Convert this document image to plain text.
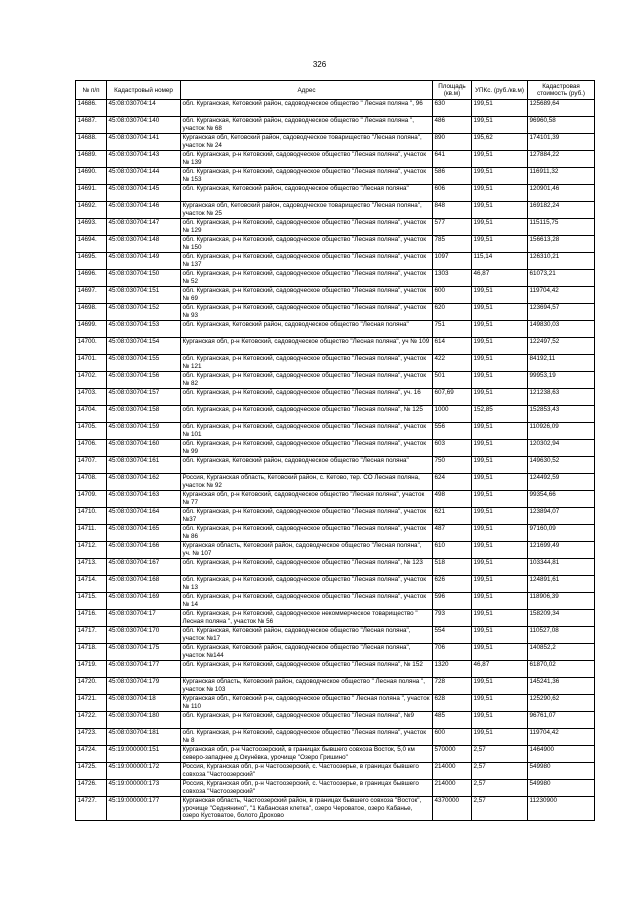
326
№ п/п	Кадастровый номер	Адрес	Площадь (кв.м)	УПКс. (руб./кв.м)	Кадастровая стоимость (руб.)
14686.	45:08:030704:14	обл. Курганская, Кетовский район, садоводческое общество " Лесная поляна ", 96	630	199,51	125689,64
14687.	45:08:030704:140	обл. Курганская, Кетовский район, садоводческое общество " Лесная поляна ", участок № 68	486	199,51	96960,58
14688.	45:08:030704:141	Курганская обл, Кетовский район, садоводческое товарищество "Лесная поляна", участок № 24	890	195,62	174101,39
14689.	45:08:030704:143	обл. Курганская, р-н Кетовский, садоводческое общество "Лесная поляна", участок № 139	641	199,51	127884,22
14690.	45:08:030704:144	обл. Курганская, р-н Кетовский, садоводческое общество "Лесная поляна", участок № 153	586	199,51	116911,32
14691.	45:08:030704:145	обл. Курганская, Кетовский район, садоводческое общество "Лесная поляна"	606	199,51	120901,46
14692.	45:08:030704:146	Курганская обл, Кетовский район, садоводческое товарищество "Лесная поляна", участок № 25	848	199,51	169182,24
14693.	45:08:030704:147	обл. Курганская, р-н Кетовский, садоводческое общество "Лесная поляна", участок № 129	577	199,51	115115,75
14694.	45:08:030704:148	обл. Курганская, р-н Кетовский, садоводческое общество "Лесная поляна", участок № 150	785	199,51	156613,28
14695.	45:08:030704:149	обл. Курганская, р-н Кетовский, садоводческое общество "Лесная поляна", участок № 137	1097	115,14	126310,21
14696.	45:08:030704:150	обл. Курганская, р-н Кетовский, садоводческое общество "Лесная поляна", участок № 52	1303	46,87	61073,21
14697.	45:08:030704:151	обл. Курганская, р-н Кетовский, садоводческое общество "Лесная поляна", участок № 69	600	199,51	119704,42
14698.	45:08:030704:152	обл. Курганская, р-н Кетовский, садоводческое общество "Лесная поляна", участок № 93	620	199,51	123694,57
14699.	45:08:030704:153	обл. Курганская, Кетовский район, садоводческое общество "Лесная поляна"	751	199,51	149830,03
14700.	45:08:030704:154	Курганская обл, р-н Кетовский, садоводческое общество "Лесная поляна", уч № 109	614	199,51	122497,52
14701.	45:08:030704:155	обл. Курганская, р-н Кетовский, садоводческое общество "Лесная поляна", участок № 121	422	199,51	84192,11
14702.	45:08:030704:156	обл. Курганская, р-н Кетовский, садоводческое общество "Лесная поляна", участок № 82	501	199,51	99953,19
14703.	45:08:030704:157	обл. Курганская, р-н Кетовский, садоводческое общество "Лесная поляна", уч. 16	607,69	199,51	121238,63
14704.	45:08:030704:158	обл. Курганская, р-н Кетовский, садоводческое общество "Лесная поляна", № 125	1000	152,85	152853,43
14705.	45:08:030704:159	обл. Курганская, р-н Кетовский, садоводческое общество "Лесная поляна", участок № 101	556	199,51	110926,09
14706.	45:08:030704:160	обл. Курганская, р-н Кетовский, садоводческое общество "Лесная поляна", участок № 99	603	199,51	120302,94
14707.	45:08:030704:161	обл. Курганская, Кетовский район, садоводческое общество "Лесная поляна"	750	199,51	149630,52
14708.	45:08:030704:162	Россия, Курганская область, Кетовский район, с. Кетово, тер. СО Лесная поляна, участок № 92	624	199,51	124492,59
14709.	45:08:030704:163	Курганская обл, р-н Кетовский, садоводческое общество "Лесная поляна", участок № 77	498	199,51	99354,66
14710.	45:08:030704:164	обл. Курганская, р-н Кетовский, садоводческое общество "Лесная поляна", участок №37	621	199,51	123894,07
14711.	45:08:030704:165	обл. Курганская, р-н Кетовский, садоводческое общество "Лесная поляна", участок № 86	487	199,51	97160,09
14712.	45:08:030704:166	Курганская область, Кетовский район, садоводческое общество "Лесная поляна", уч. № 107	610	199,51	121699,49
14713.	45:08:030704:167	обл. Курганская, р-н Кетовский, садоводческое общество "Лесная поляна", № 123	518	199,51	103344,81
14714.	45:08:030704:168	обл. Курганская, р-н Кетовский, садоводческое общество "Лесная поляна", участок № 13	626	199,51	124891,61
14715.	45:08:030704:169	обл. Курганская, р-н Кетовский, садоводческое общество "Лесная поляна", участок № 14	596	199,51	118906,39
14716.	45:08:030704:17	обл. Курганская, р-н Кетовский, садоводческое некоммерческое товарищество " Лесная поляна ", участок № 56	793	199,51	158209,34
14717.	45:08:030704:170	обл. Курганская, Кетовский район, садоводческое общество "Лесная поляна", участок №17	554	199,51	110527,08
14718.	45:08:030704:175	обл. Курганская, Кетовский район, садоводческое общество "Лесная поляна", участок №144	706	199,51	140852,2
14719.	45:08:030704:177	обл. Курганская, р-н Кетовский, садоводческое общество "Лесная поляна", № 152	1320	46,87	61870,02
14720.	45:08:030704:179	Курганская область, Кетовский район, садоводческое общество " Лесная поляна ", участок № 103	728	199,51	145241,36
14721.	45:08:030704:18	Курганская обл., Кетовский р-н, садоводческое общество " Лесная поляна ", участок № 110	628	199,51	125290,62
14722.	45:08:030704:180	обл. Курганская, р-н Кетовский, садоводческое общество "Лесная поляна", №9	485	199,51	96761,07
14723.	45:08:030704:181	обл. Курганская, р-н Кетовский, садоводческое общество "Лесная поляна", участок № 8	600	199,51	119704,42
14724.	45:19:000000:151	Курганская обл, р-н Частоозерский, в границах бывшего совхоза Восток, 5,0 км северо-западнее д.Окунёвка, урочище "Озеро Гришино"	570000	2,57	1464900
14725.	45:19:000000:172	Россия, Курганская обл, р-н Частоозерский, с. Частоозерье, в границах бывшего совхоза "Частоозерский"	214000	2,57	549980
14726.	45:19:000000:173	Россия, Курганская обл, р-н Частоозерский, с. Частоозерье, в границах бывшего совхоза "Частоозерский"	214000	2,57	549980
14727.	45:19:000000:177	Курганская область, Частоозерский район, в границах бывшего совхоза "Восток", урочище "Седнянино", "1 Кабанская клетка", озеро Чероватое, озеро Кабанье, озеро Кустоватое, болото Дрохово	4370000	2,57	11230900
